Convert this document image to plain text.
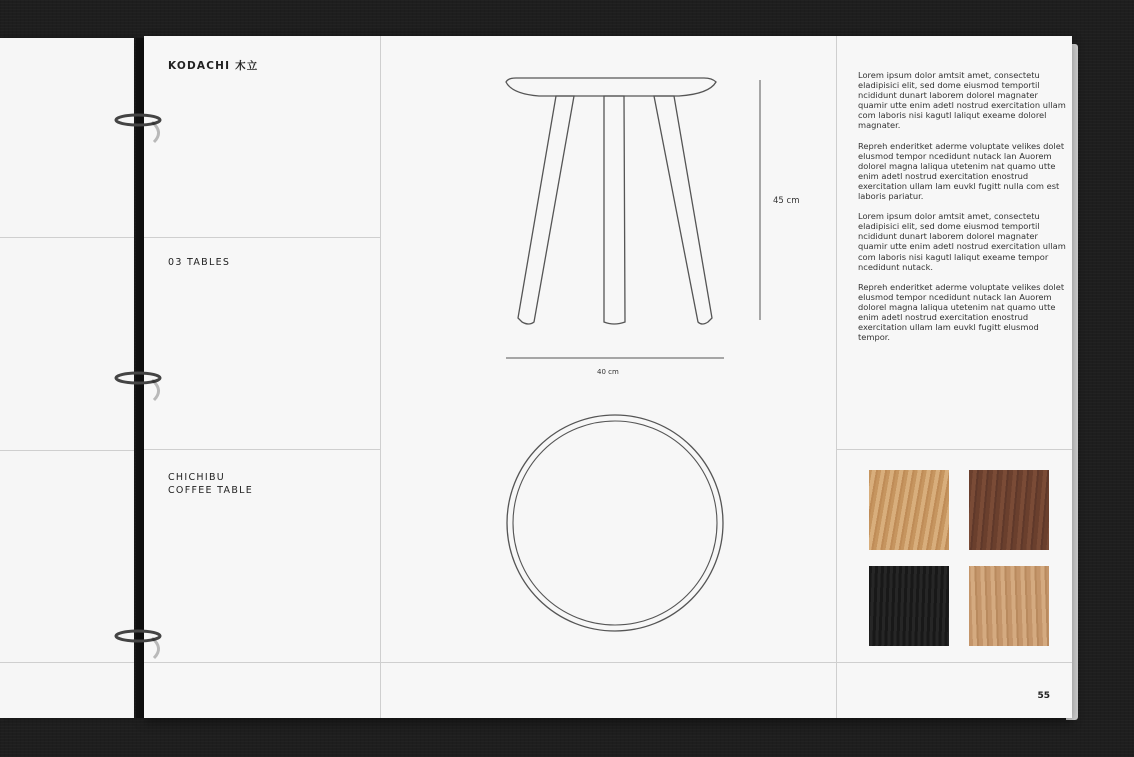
KODACHI 木立
03 TABLES
CHICHIBU
COFFEE TABLE
45 cm
40 cm

Lorem ipsum dolor amtsit amet, consectetu eladipisici elit, sed dome eiusmod temportil ncididunt dunart laborem dolorel magnater quamir utte enim adetl nostrud exercitation ullam com laboris nisi kagutl laliqut exeame dolorel magnater.

Repreh enderitket aderme voluptate velikes dolet elusmod tempor ncedidunt nutack lan Auorem dolorel magna laliqua utetenim nat quamo utte enim adetl nostrud exercitation enostrud exercitation ullam lam euvkl fugitt nulla com est laboris pariatur.

Lorem ipsum dolor amtsit amet, consectetu eladipisici elit, sed dome eiusmod temportil ncididunt dunart laborem dolorel magnater quamir utte enim adetl nostrud exercitation ullam com laboris nisi kagutl laliqut exeame tempor ncedidunt nutack.

Repreh enderitket aderme voluptate velikes dolet elusmod tempor ncedidunt nutack lan Auorem dolorel magna laliqua utetenim nat quamo utte enim adetl nostrud exercitation enostrud exercitation ullam lam euvkl fugitt elusmod tempor.

55
